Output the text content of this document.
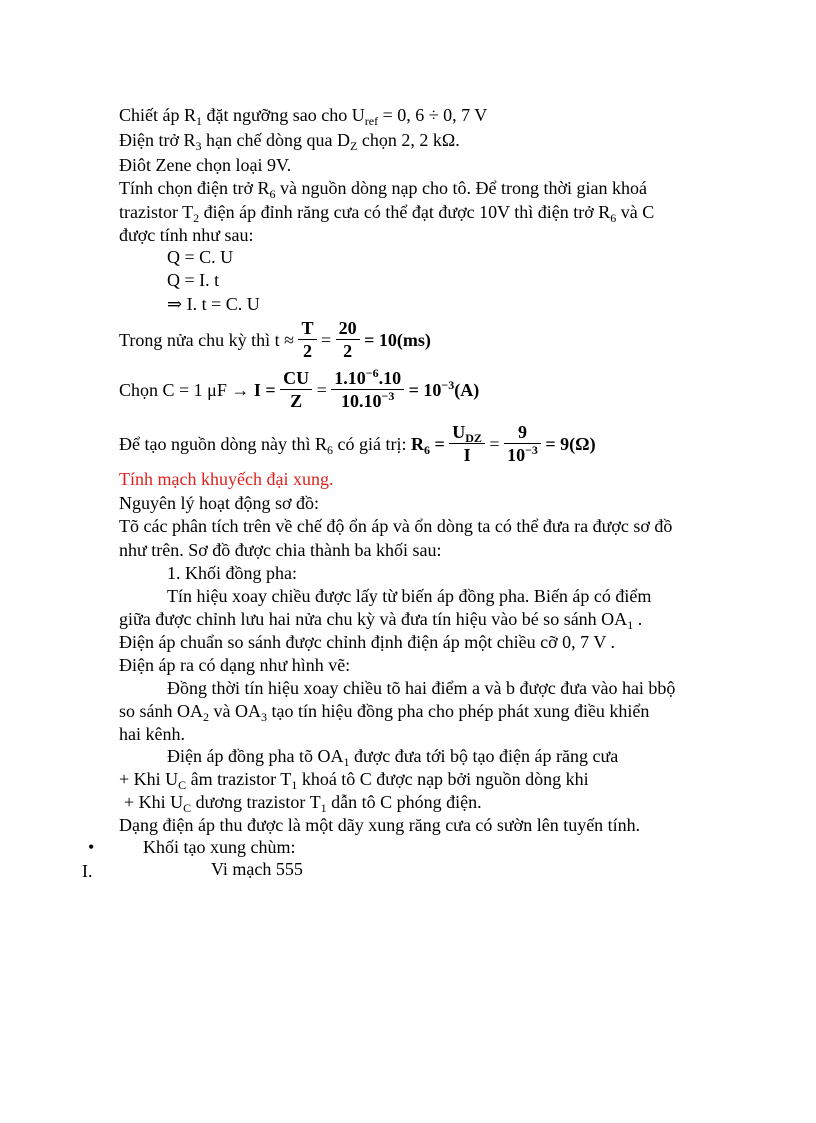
Chiết áp $R_1$ đặt ngưỡng sao cho $U_{ref} = 0$, 6 ÷ 0, 7 V
Điện trở $R_3$ hạn chế dòng qua $D_Z$ chọn 2, 2 kΩ.
Điôt Zene chọn loại 9V.
Tính chọn điện trở $R_6$ và nguồn dòng nạp cho tô. Để trong thời gian khoá
trazistor $T_2$ điện áp đỉnh răng cưa có thể đạt được 10V thì điện trở $R_6$ và C
được tính như sau:
Q = C. U
Q = I. t
⇒ I. t = C. U
Trong nửa chu kỳ thì $t \approx \frac{T}{2} = \frac{20}{2} = 10(ms)$
Chọn C = 1 $\mu F \to I = \frac{CU}{Z} = \frac{1.10^{-6}.10}{10.10^{-3}} = 10^{-3}(A)$
Để tạo nguồn dòng này thì $R_6$ có giá trị: $R_6 = \frac{U_{DZ}}{I} = \frac{9}{10^{-3}} = 9(\Omega)$
Tính mạch khuyếch đại xung.
Nguyên lý hoạt động sơ đồ:
Tõ các phân tích trên về chế độ ổn áp và ổn dòng ta có thể đưa ra được sơ đồ
như trên. Sơ đồ được chia thành ba khối sau:
1. Khối đồng pha:
Tín hiệu xoay chiều được lấy từ biến áp đồng pha. Biến áp có điểm
giữa được chỉnh lưu hai nửa chu kỳ và đưa tín hiệu vào bé so sánh $OA_1$ .
Điện áp chuẩn so sánh được chỉnh định điện áp một chiều cỡ 0, 7 V .
Điện áp ra có dạng như hình vẽ:
Đồng thời tín hiệu xoay chiều tõ hai điểm a và b được đưa vào hai bbộ
so sánh $OA_2$ và $OA_3$ tạo tín hiệu đồng pha cho phép phát xung điều khiển
hai kênh.
Điện áp đồng pha tõ $OA_1$ được đưa tới bộ tạo điện áp răng cưa
+ Khi $U_C$ âm trazistor $T_1$ khoá tô C được nạp bởi nguồn dòng khi
+ Khi $U_C$ dương trazistor $T_1$ dẫn tô C phóng điện.
Dạng điện áp thu được là một dãy xung răng cưa có sườn lên tuyến tính.
•	Khối tạo xung chùm:
I.	Vi mạch 555
